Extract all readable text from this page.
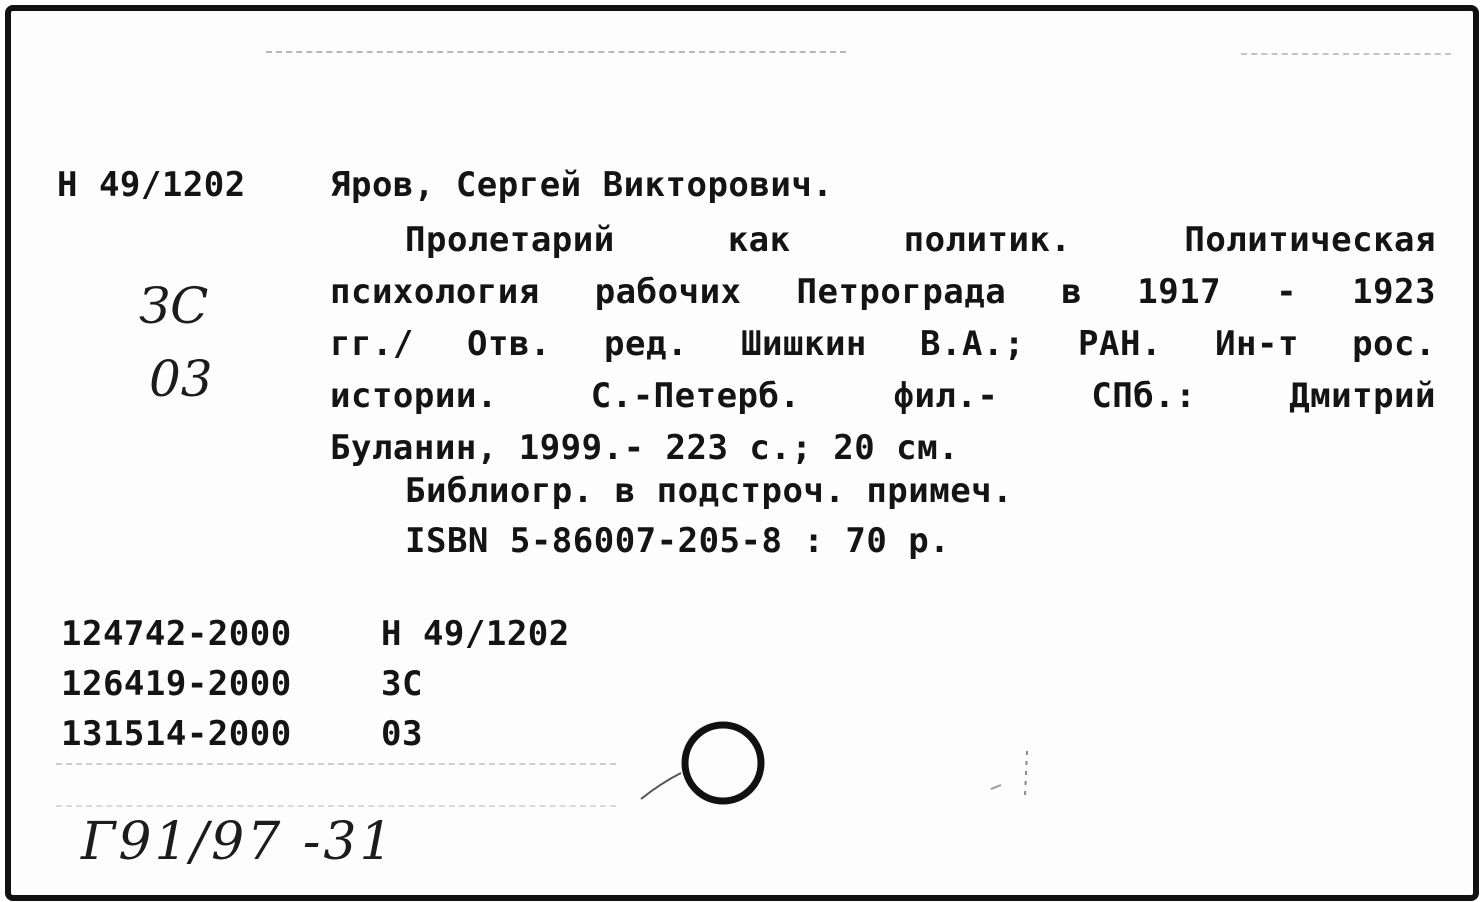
Н 49/1202 Яров, Сергей Викторович.
ЗС
03
Пролетарий как политик. Политическая
психология рабочих Петрограда в 1917 - 1923
гг./ Отв. ред. Шишкин В.А.; РАН. Ин-т рос.
истории. С.-Петерб. фил.- СПб.: Дмитрий
Буланин, 1999.- 223 с.; 20 см.
Библиогр. в подстроч. примеч.
ISBN 5-86007-205-8 : 70 р.
124742-2000	Н 49/1202
126419-2000	ЗС
131514-2000	03
Г91/97 -31
